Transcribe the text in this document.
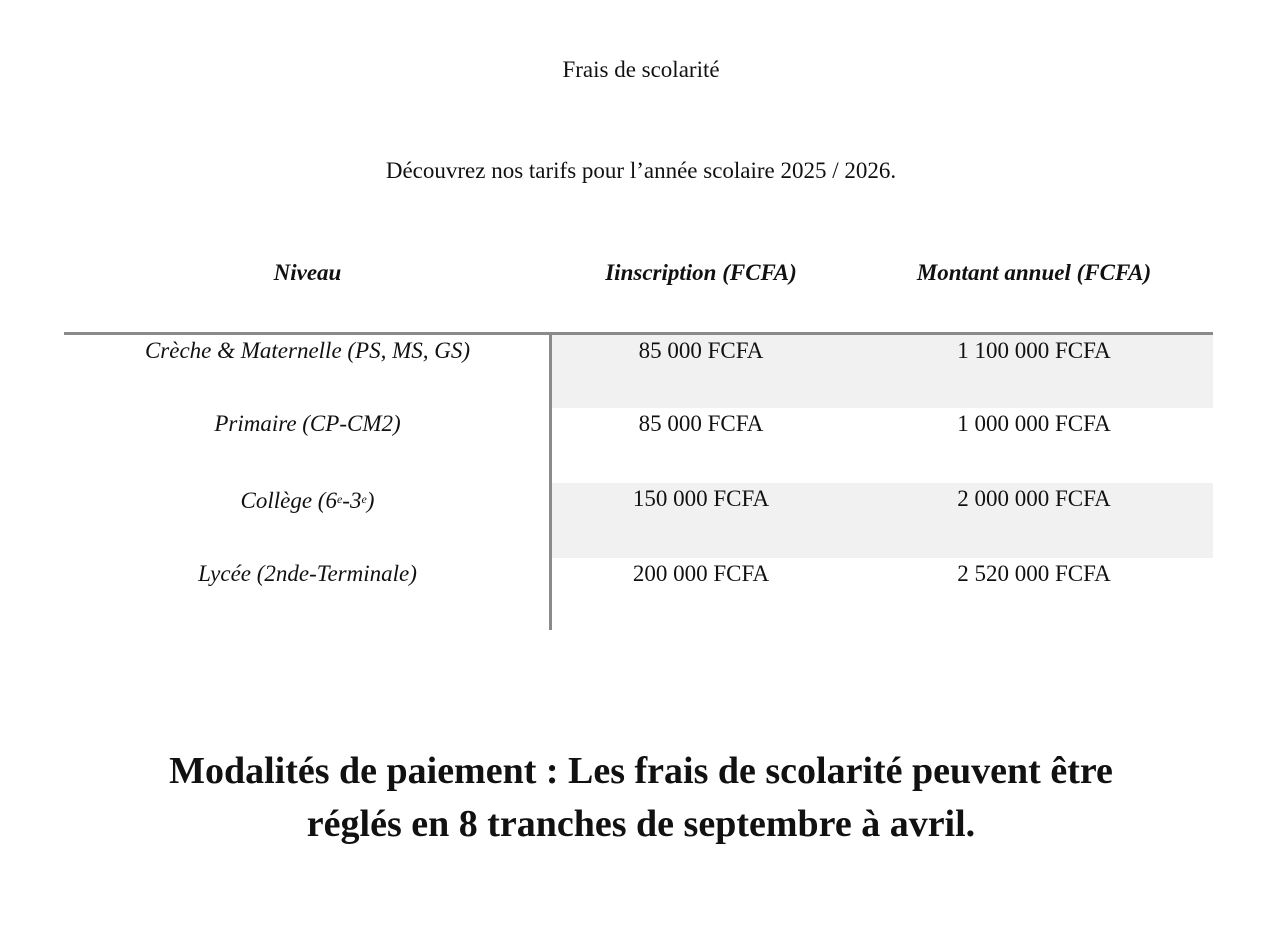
Frais de scolarité
Découvrez nos tarifs pour l’année scolaire 2025 / 2026.
Niveau	Iinscription (FCFA)	Montant annuel (FCFA)
Crèche & Maternelle (PS, MS, GS)	85 000 FCFA	1 100 000 FCFA
Primaire (CP-CM2)	85 000 FCFA	1 000 000 FCFA
Collège (6e-3e)	150 000 FCFA	2 000 000 FCFA
Lycée (2nde-Terminale)	200 000 FCFA	2 520 000 FCFA
Modalités de paiement : Les frais de scolarité peuvent être
réglés en 8 tranches de septembre à avril.
